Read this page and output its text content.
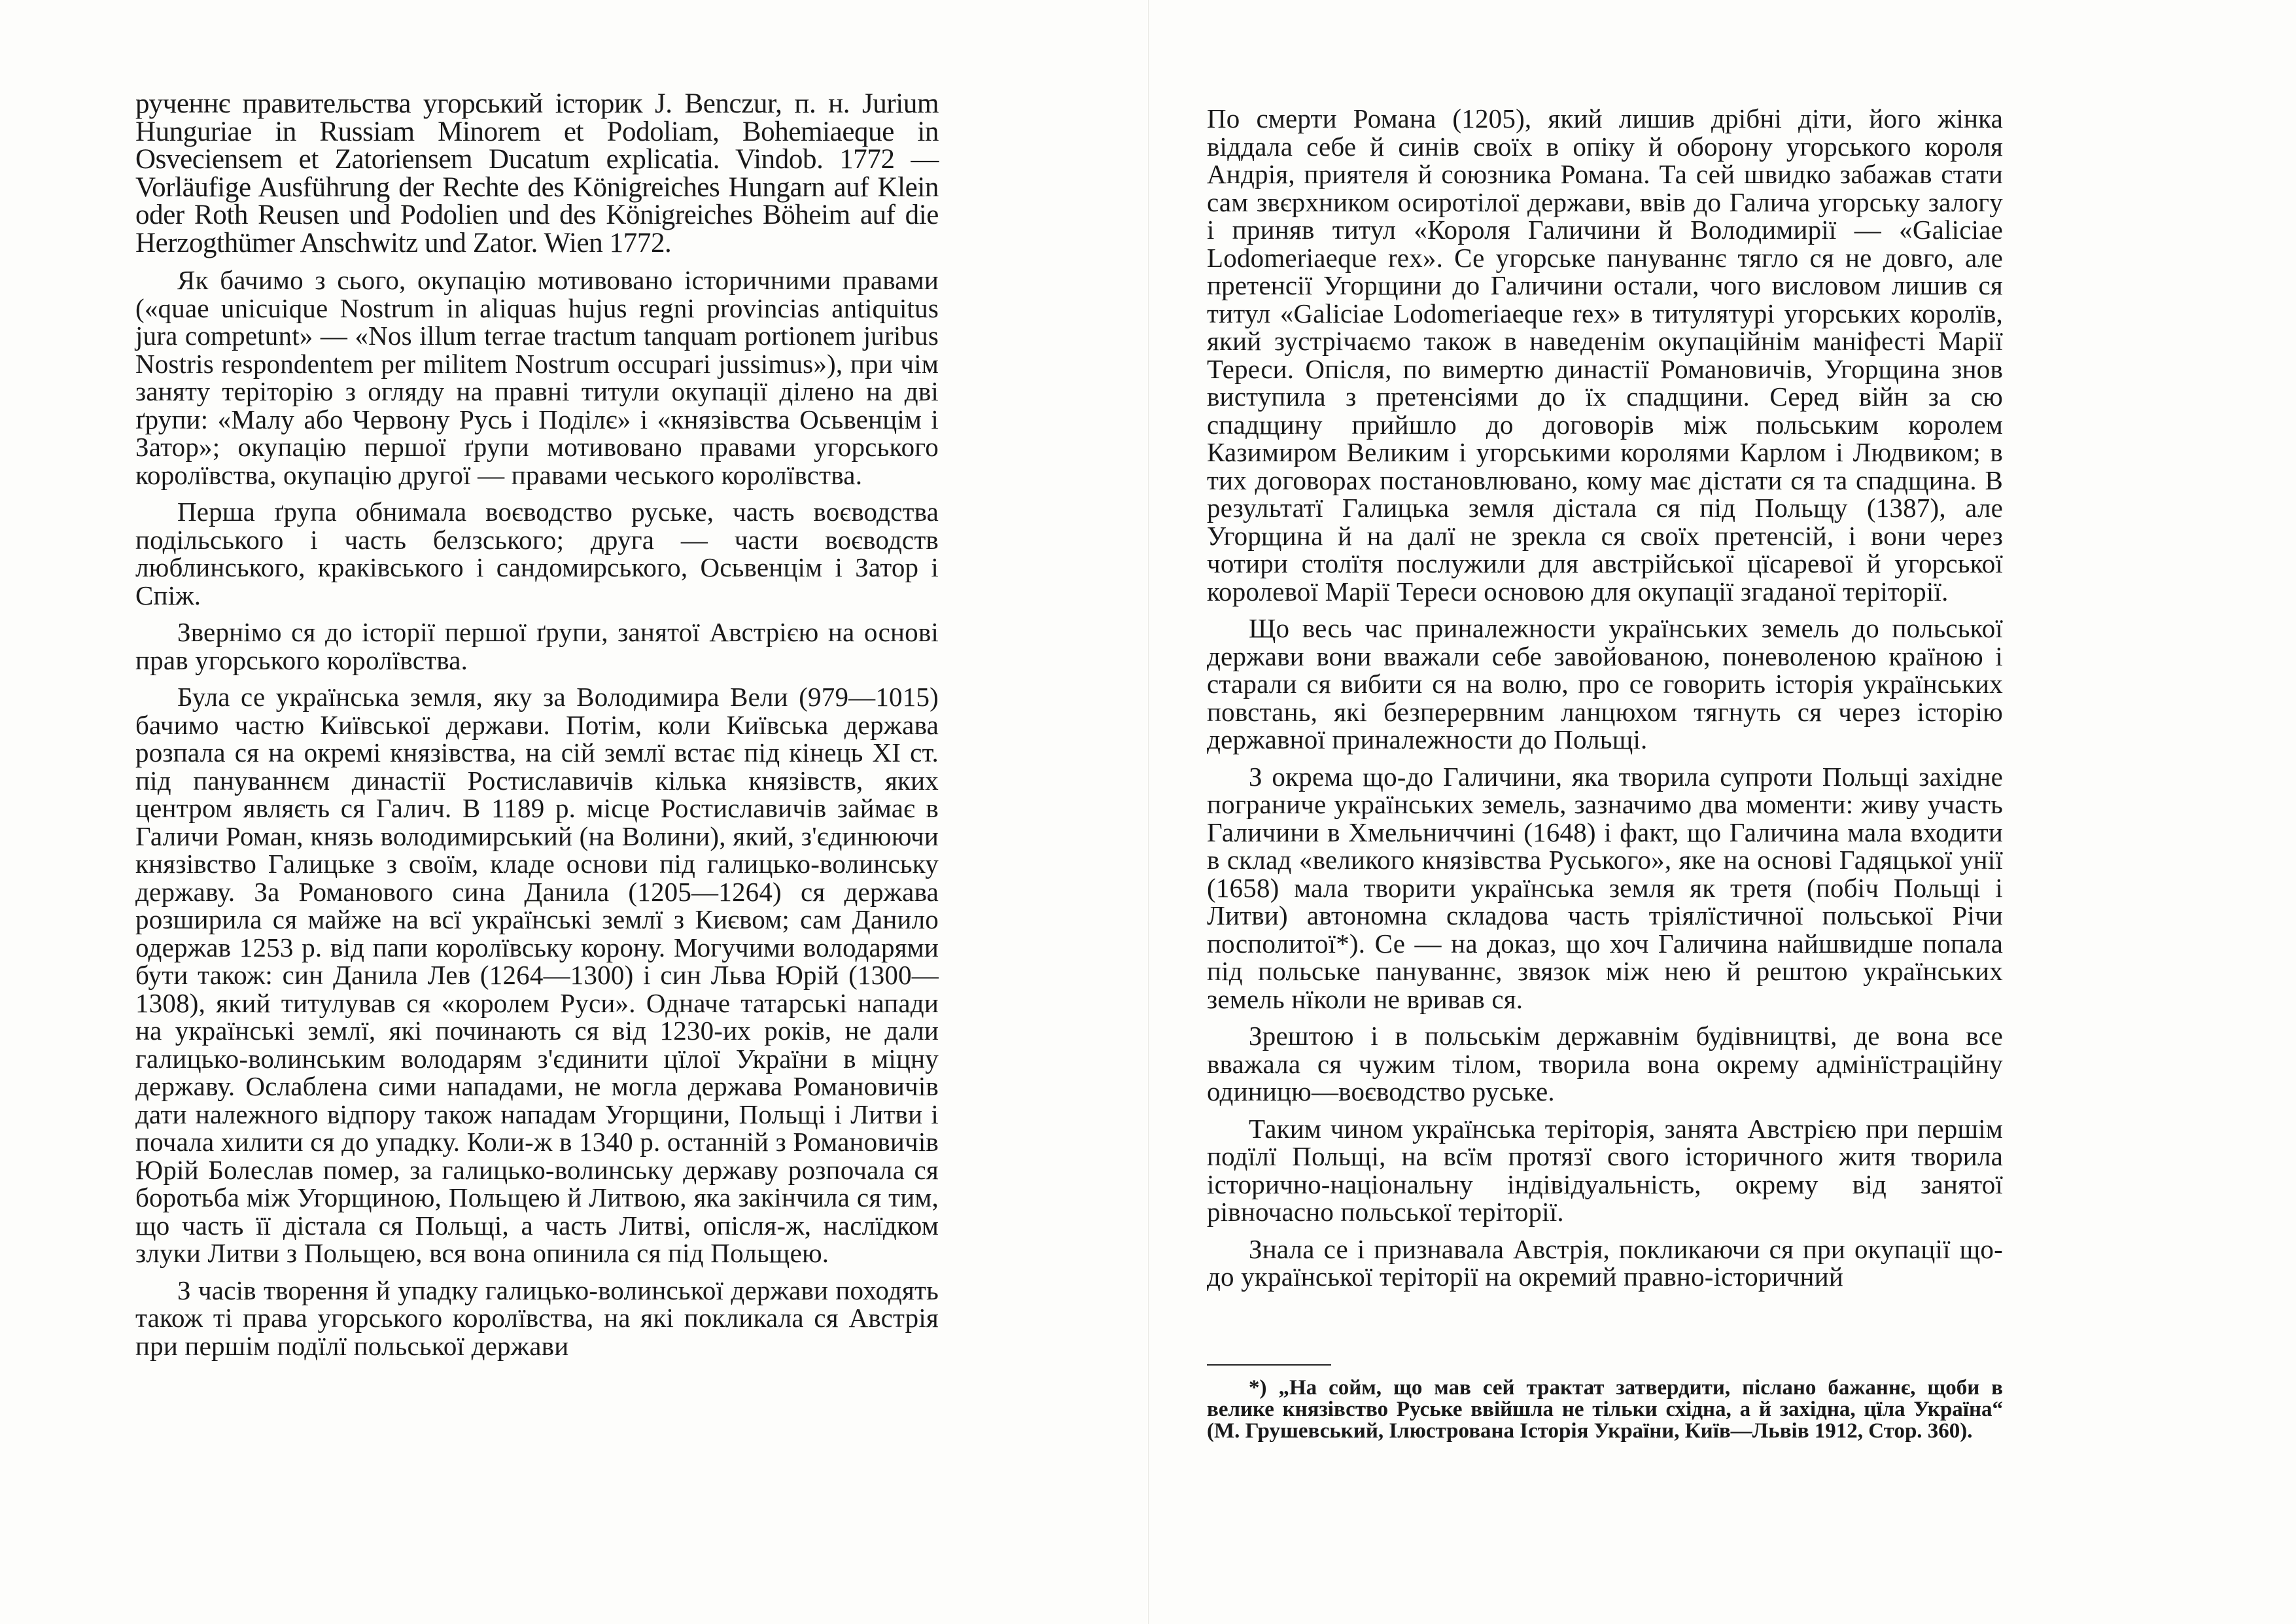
рученнє правительства угорський історик J. Benczur, п. н. Jurium Hunguriae in Russiam Minorem et Podoliam, Bohemiaeque in Osveciensem et Zatoriensem Ducatum explicatia. Vindob. 1772 — Vorläufige Ausführung der Rechte des Königreiches Hungarn auf Klein oder Roth Reusen und Podolien und des Königreiches Böheim auf die Herzogthümer Anschwitz und Zator. Wien 1772.

Як бачимо з сього, окупацію мотивовано історичними правами («quae unicuique Nostrum in aliquas hujus regni provincias antiquitus jura competunt» — «Nos illum terrae tractum tanquam portionem juribus Nostris respondentem per militem Nostrum occupari jussimus»), при чім заняту теріторію з огляду на правні титули окупації ділено на дві ґрупи: «Малу або Червону Русь і Поділє» і «князівства Осьвенцім і Затор»; окупацію першої ґрупи мотивовано правами угорського королївства, окупацію другої — правами чеського королївства.

Перша ґрупа обнимала воєводство руське, часть воєводства подільського і часть белзського; друга — части воєводств люблинського, краківського і сандомирського, Осьвенцім і Затор і Спіж.

Звернімо ся до історії першої ґрупи, занятої Австрією на основі прав угорського королївства.

Була се українська земля, яку за Володимира Вели (979—1015) бачимо частю Київської держави. Потім, коли Київська держава розпала ся на окремі князівства, на сій землї встає під кінець XI ст. під пануваннєм династії Ростиславичів кілька князівств, яких центром являєть ся Галич. В 1189 р. місце Ростиславичів займає в Галичи Роман, князь володимирський (на Волини), який, з'єдинюючи князівство Галицьке з своїм, кладе основи під галицько-волинську державу. За Романового сина Данила (1205—1264) ся держава розширила ся майже на всї українські землї з Києвом; сам Данило одержав 1253 р. від папи королївську корону. Могучими володарями бути також: син Данила Лев (1264—1300) і син Льва Юрій (1300—1308), який титулував ся «королем Руси». Одначе татарські напади на українські землї, які починають ся від 1230-их років, не дали галицько-волинським володарям з'єдинити цїлої України в міцну державу. Ослаблена сими нападами, не могла держава Романовичів дати належного відпору також нападам Угорщини, Польщі і Литви і почала хилити ся до упадку. Коли-ж в 1340 р. останній з Романовичів Юрій Болеслав помер, за галицько-волинську державу розпочала ся боротьба між Угорщиною, Польщею й Литвою, яка закінчила ся тим, що часть її дістала ся Польщі, а часть Литві, опісля-ж, наслїдком злуки Литви з Польщею, вся вона опинила ся під Польщею.

З часів творення й упадку галицько-волинської держави походять також ті права угорського королївства, на які покликала ся Австрія при першім подїлї польської держави

По смерти Романа (1205), який лишив дрібні діти, його жінка віддала себе й синів своїх в опіку й оборону угорського короля Андрія, приятеля й союзника Романа. Та сей швидко забажав стати сам звєрхником осиротілої держави, ввів до Галича угорську залогу і приняв титул «Короля Галичини й Володимирії — «Galiciae Lodomeriaeque rex». Се угорське пануваннє тягло ся не довго, але претенсії Угорщини до Галичини остали, чого висловом лишив ся титул «Galiciae Lodomeriaeque rex» в титулятурі угорських королїв, який зустрічаємо також в наведенім окупаційнім маніфесті Марії Тереси. Опісля, по вимертю династії Романовичів, Угорщина знов виступила з претенсіями до їх спадщини. Серед війн за сю спадщину прийшло до договорів між польським королем Казимиром Великим і угорськими королями Карлом і Людвиком; в тих договорах постановлювано, кому має дістати ся та спадщина. В результатї Галицька земля дістала ся під Польщу (1387), але Угорщина й на далї не зрекла ся своїх претенсій, і вони через чотири столїтя послужили для австрійської цїсаревої й угорської королевої Марії Тереси основою для окупації згаданої теріторії.

Що весь час приналежности українських земель до польської держави вони вважали себе завойованою, поневоленою країною і старали ся вибити ся на волю, про се говорить історія українських повстань, які безперервним ланцюхом тягнуть ся через історію державної приналежности до Польщі.

З окрема що-до Галичини, яка творила супроти Польщі західне пограниче українських земель, зазначимо два моменти: живу участь Галичини в Хмельниччині (1648) і факт, що Галичина мала входити в склад «великого князівства Руського», яке на основі Гадяцької унії (1658) мала творити українська земля як третя (побіч Польщі і Литви) автономна складова часть тріялїстичної польської Річи посполитої*). Се — на доказ, що хоч Галичина найшвидше попала під польське пануваннє, звязок між нею й рештою українських земель нїколи не вривав ся.

Зрештою і в польськім державнім будівництві, де вона все вважала ся чужим тілом, творила вона окрему адмінїстраційну одиницю—воєводство руське.

Таким чином українська теріторія, занята Австрією при першім подїлї Польщі, на всїм протязї свого історичного житя творила історично-національну індівідуальність, окрему від занятої рівночасно польської теріторії.

Знала се і признавала Австрія, покликаючи ся при окупації що-до української теріторії на окремий правно-історичний

*) „На сойм, що мав сей трактат затвердити, післано бажаннє, щоби в велике князівство Руське ввійшла не тільки східна, а й західна, цїла Україна“ (М. Грушевський, Ілюстрована Історія України, Київ—Львів 1912, Стор. 360).
